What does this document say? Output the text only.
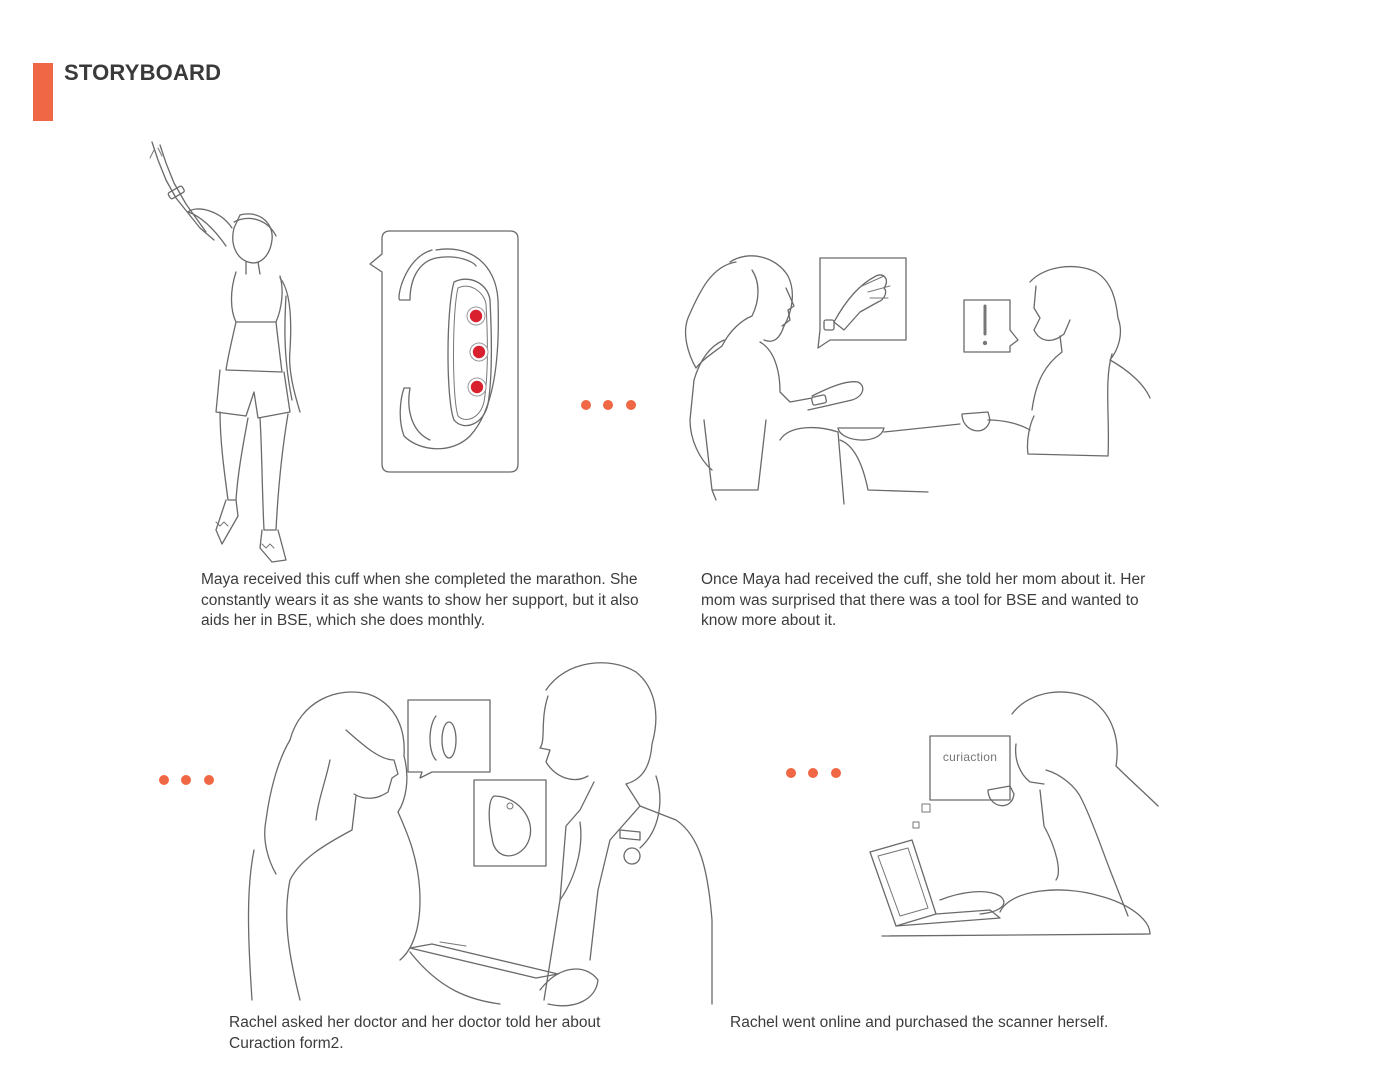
STORYBOARD
curiaction

Maya received this cuff when she completed the marathon. She constantly wears it as she wants to show her support, but it also aids her in BSE, which she does monthly.

Once Maya had received the cuff, she told her mom about it. Her mom was surprised that there was a tool for BSE and wanted to know more about it.

Rachel asked her doctor and her doctor told her about Curaction form2.

Rachel went online and purchased the scanner herself.
